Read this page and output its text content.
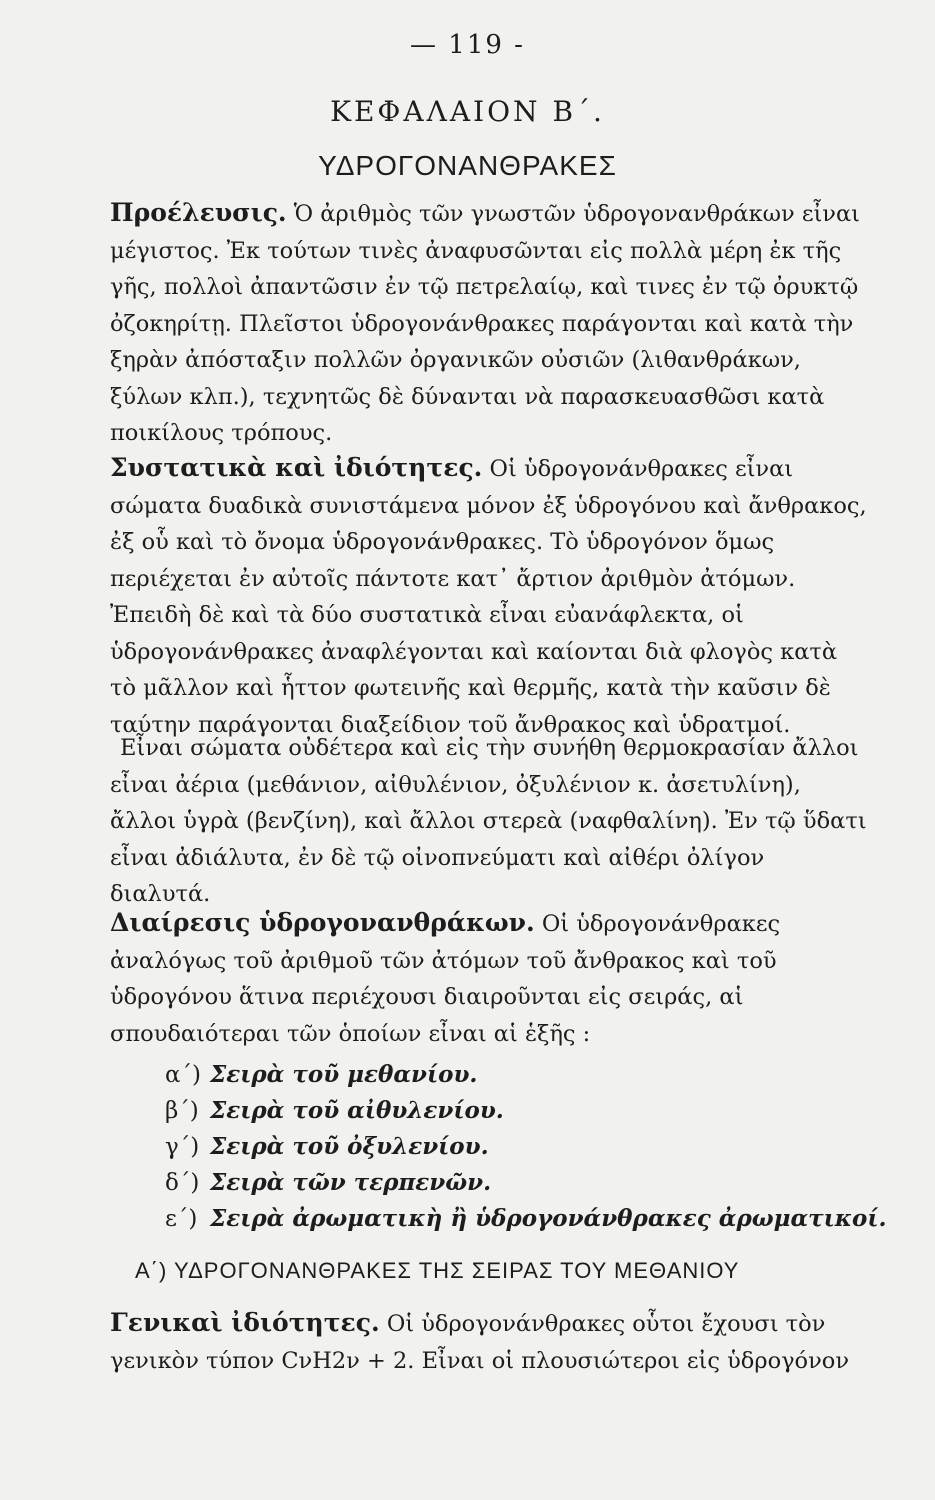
— 119 -
ΚΕΦΑΛΑΙΟΝ Β΄.
ΥΔΡΟΓΟΝΑΝΘΡΑΚΕΣ
Προέλευσις. Ὁ ἀριθμὸς τῶν γνωστῶν ὑδρογονανθράκων εἶναι μέγιστος. Ἐκ τούτων τινὲς ἀναφυσῶνται εἰς πολλὰ μέρη ἐκ τῆς γῆς, πολλοὶ ἀπαντῶσιν ἐν τῷ πετρελαίῳ, καὶ τινες ἐν τῷ ὀρυκτῷ ὀζοκηρίτῃ. Πλεῖστοι ὑδρογονάνθρακες παράγονται καὶ κατὰ τὴν ξηρὰν ἀπόσταξιν πολλῶν ὀργανικῶν οὐσιῶν (λιθανθράκων, ξύλων κλπ.), τεχνητῶς δὲ δύνανται νὰ παρασκευασθῶσι κατὰ ποικίλους τρόπους.
Συστατικὰ καὶ ἰδιότητες. Οἱ ὑδρογονάνθρακες εἶναι σώματα δυαδικὰ συνιστάμενα μόνον ἐξ ὑδρογόνου καὶ ἄνθρακος, ἐξ οὗ καὶ τὸ ὄνομα ὑδρογονάνθρακες. Τὸ ὑδρογόνον ὅμως περιέχεται ἐν αὐτοῖς πάντοτε κατ᾽ ἄρτιον ἀριθμὸν ἀτόμων. Ἐπειδὴ δὲ καὶ τὰ δύο συστατικὰ εἶναι εὐανάφλεκτα, οἱ ὑδρογονάνθρακες ἀναφλέγονται καὶ καίονται διὰ φλογὸς κατὰ τὸ μᾶλλον καὶ ἧττον φωτεινῆς καὶ θερμῆς, κατὰ τὴν καῦσιν δὲ ταύτην παράγονται διαξείδιον τοῦ ἄνθρακος καὶ ὑδρατμοί.
Εἶναι σώματα οὐδέτερα καὶ εἰς τὴν συνήθη θερμοκρασίαν ἄλλοι εἶναι ἀέρια (μεθάνιον, αἰθυλένιον, ὀξυλένιον κ. ἀσετυλίνη), ἄλλοι ὑγρὰ (βενζίνη), καὶ ἄλλοι στερεὰ (ναφθαλίνη). Ἐν τῷ ὕδατι εἶναι ἀδιάλυτα, ἐν δὲ τῷ οἰνοπνεύματι καὶ αἰθέρι ὀλίγον διαλυτά.
Διαίρεσις ὑδρογονανθράκων. Οἱ ὑδρογονάνθρακες ἀναλόγως τοῦ ἀριθμοῦ τῶν ἀτόμων τοῦ ἄνθρακος καὶ τοῦ ὑδρογόνου ἅτινα περιέχουσι διαιροῦνται εἰς σειράς, αἱ σπουδαιότεραι τῶν ὁποίων εἶναι αἱ ἑξῆς :
α΄) Σειρὰ τοῦ μεθανίου.
β΄) Σειρὰ τοῦ αἰθυλενίου.
γ΄) Σειρὰ τοῦ ὀξυλενίου.
δ΄) Σειρὰ τῶν τερπενῶν.
ε΄) Σειρὰ ἀρωματικὴ ἢ ὑδρογονάνθρακες ἀρωματικοί.
Α΄) ΥΔΡΟΓΟΝΑΝΘΡΑΚΕΣ ΤΗΣ ΣΕΙΡΑΣ ΤΟΥ ΜΕΘΑΝΙΟΥ
Γενικαὶ ἰδιότητες. Οἱ ὑδρογονάνθρακες οὗτοι ἔχουσι τὸν γενικὸν τύπον CνH2ν + 2. Εἶναι οἱ πλουσιώτεροι εἰς ὑδρογόνον
